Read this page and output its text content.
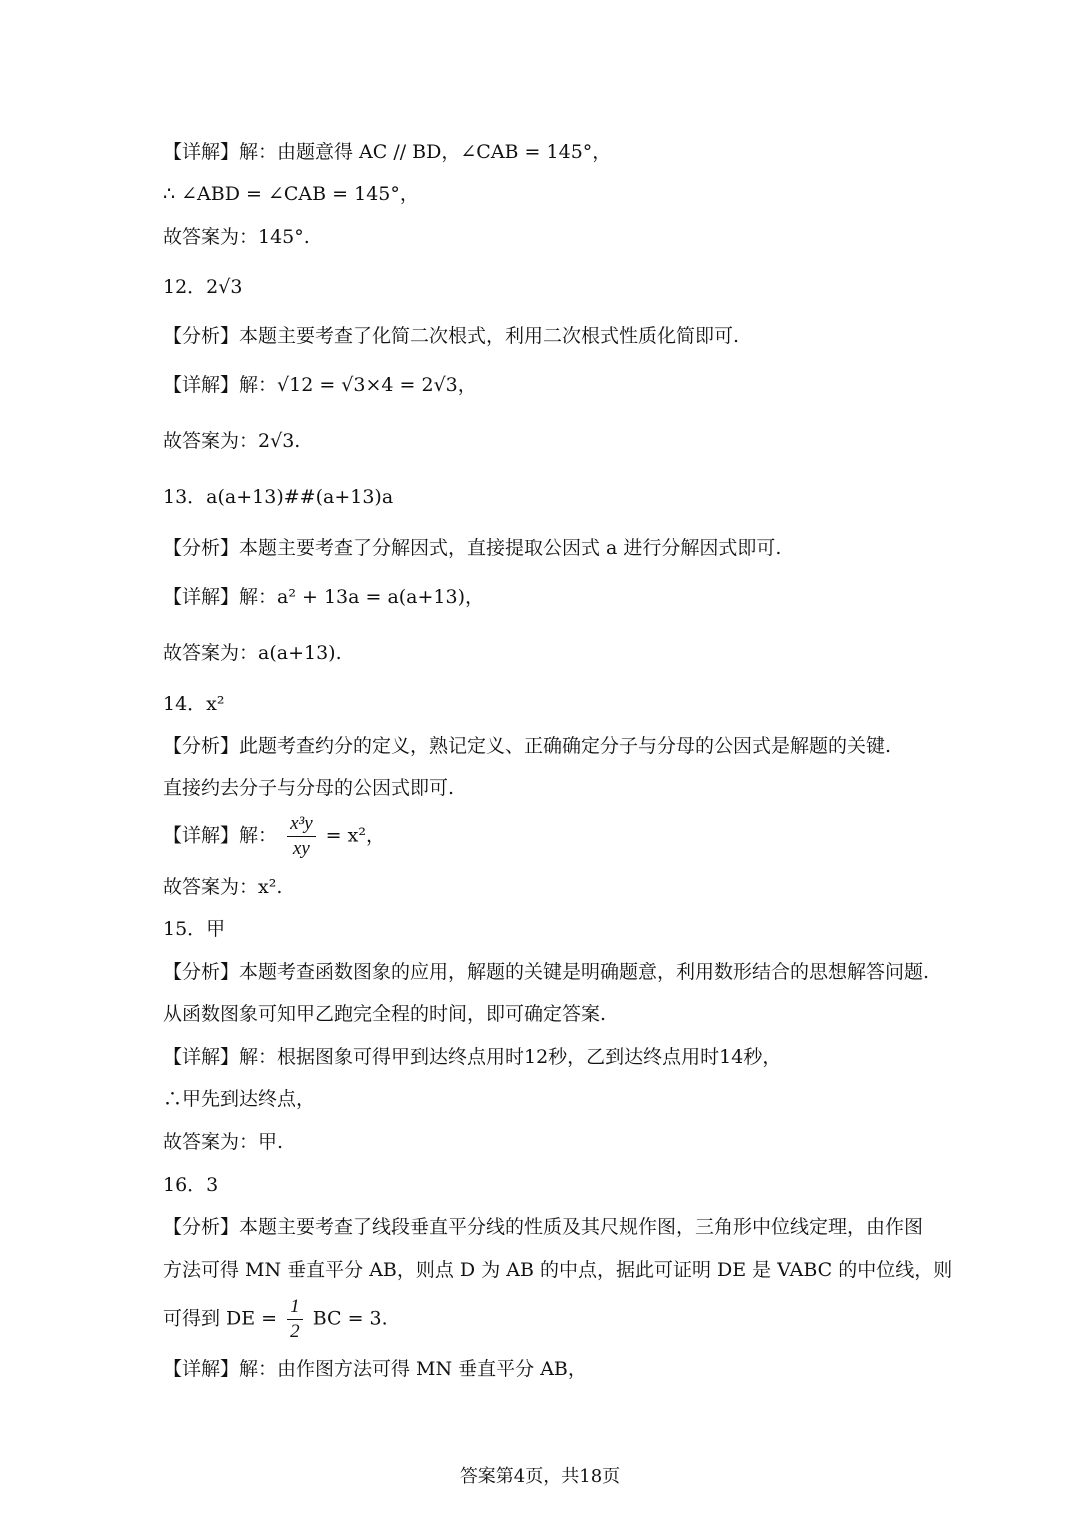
【详解】解：由题意得 AC // BD，∠CAB = 145°，
∴ ∠ABD = ∠CAB = 145°，
故答案为：145°.
12．2√3
【分析】本题主要考查了化简二次根式，利用二次根式性质化简即可.
【详解】解：√12 = √3×4 = 2√3，
故答案为：2√3.
13．a(a+13)##(a+13)a
【分析】本题主要考查了分解因式，直接提取公因式 a 进行分解因式即可.
【详解】解：a² + 13a = a(a+13)，
故答案为：a(a+13).
14．x²
【分析】此题考查约分的定义，熟记定义、正确确定分子与分母的公因式是解题的关键.
直接约去分子与分母的公因式即可.
【详解】解： $\frac{\text{x³y}}{xy} = x^2$，
故答案为：x².
15．甲
【分析】本题考查函数图象的应用，解题的关键是明确题意，利用数形结合的思想解答问题.
从函数图象可知甲乙跑完全程的时间，即可确定答案.
【详解】解：根据图象可得甲到达终点用时12秒，乙到达终点用时14秒，
∴甲先到达终点，
故答案为：甲.
16．3
【分析】本题主要考查了线段垂直平分线的性质及其尺规作图，三角形中位线定理，由作图
方法可得 MN 垂直平分 AB，则点 D 为 AB 的中点，据此可证明 DE 是 VABC 的中位线，则
可得到 DE = $\frac{1}{2}$ BC = 3.
【详解】解：由作图方法可得 MN 垂直平分 AB，
答案第4页，共18页
